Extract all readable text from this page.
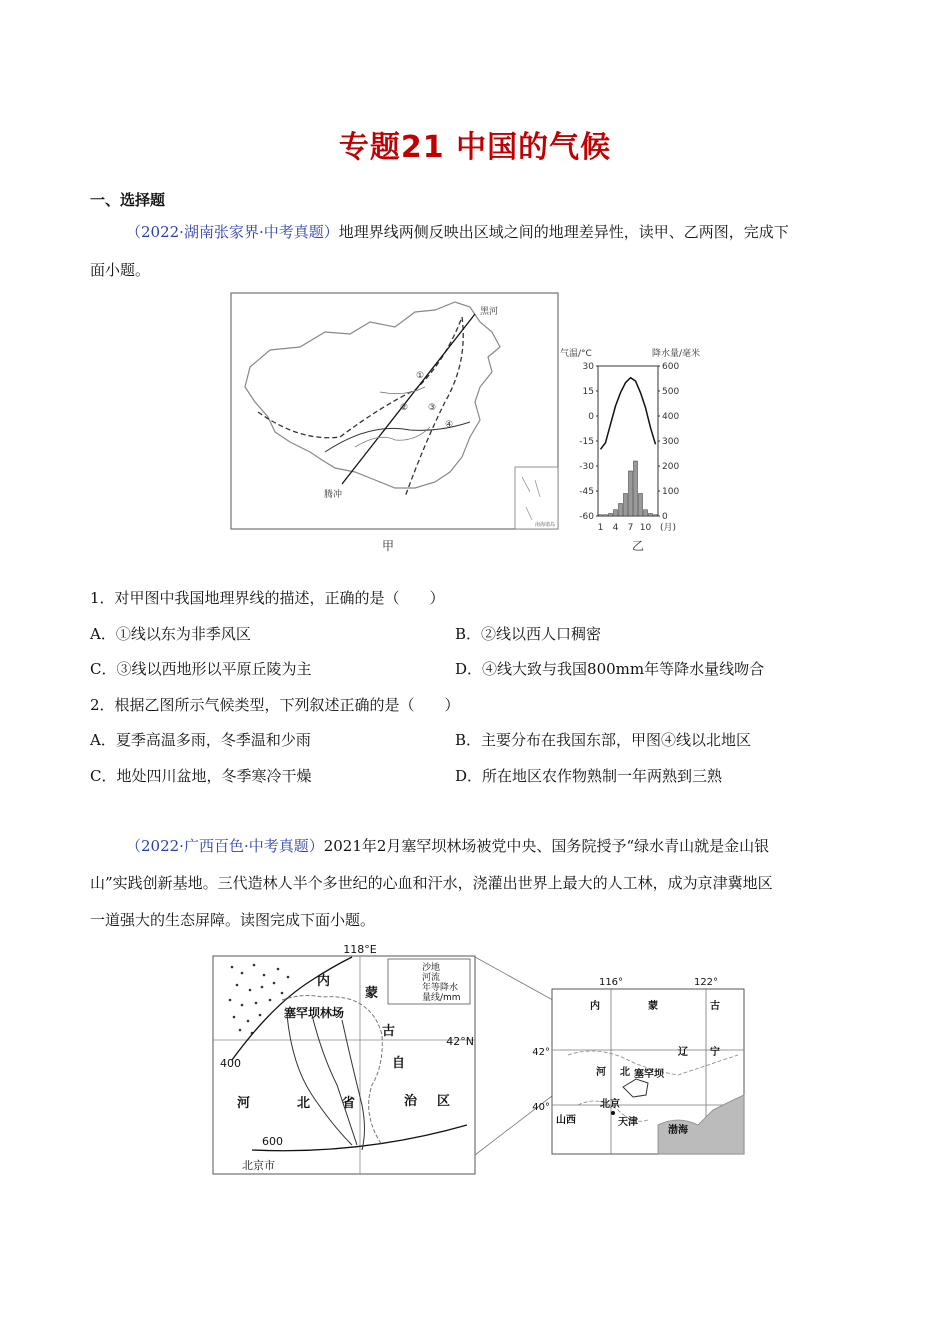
专题21 中国的气候
一、选择题
（2022·湖南张家界·中考真题）地理界线两侧反映出区域之间的地理差异性，读甲、乙两图，完成下
面小题。
黑河
腾冲
①
② ③
④
南海诸岛
甲
气温/°C	降水量/毫米
30
15
0
-15
-30
-45
-60
600
500
400
300
200
100
0
1 4 7 10 (月)
乙
1．对甲图中我国地理界线的描述，正确的是（　　）
A．①线以东为非季风区	B．②线以西人口稠密
C．③线以西地形以平原丘陵为主	D．④线大致与我国800mm年等降水量线吻合
2．根据乙图所示气候类型，下列叙述正确的是（　　）
A．夏季高温多雨，冬季温和少雨	B．主要分布在我国东部，甲图④线以北地区
C．地处四川盆地，冬季寒冷干燥	D．所在地区农作物熟制一年两熟到三熟
（2022·广西百色·中考真题）2021年2月塞罕坝林场被党中央、国务院授予“绿水青山就是金山银
山”实践创新基地。三代造林人半个多世纪的心血和汗水，浇灌出世界上最大的人工林，成为京津冀地区
一道强大的生态屏障。读图完成下面小题。
118°E
42°N
400
600
塞罕坝林场
内
蒙
古
自
治 区
河	北 省
北京市
沙地
河流
年等降水
量线/mm
116°	122°
42°
40°
内	蒙	古
塞罕坝
河 北
辽 宁
北京
天津
山西
渤海
